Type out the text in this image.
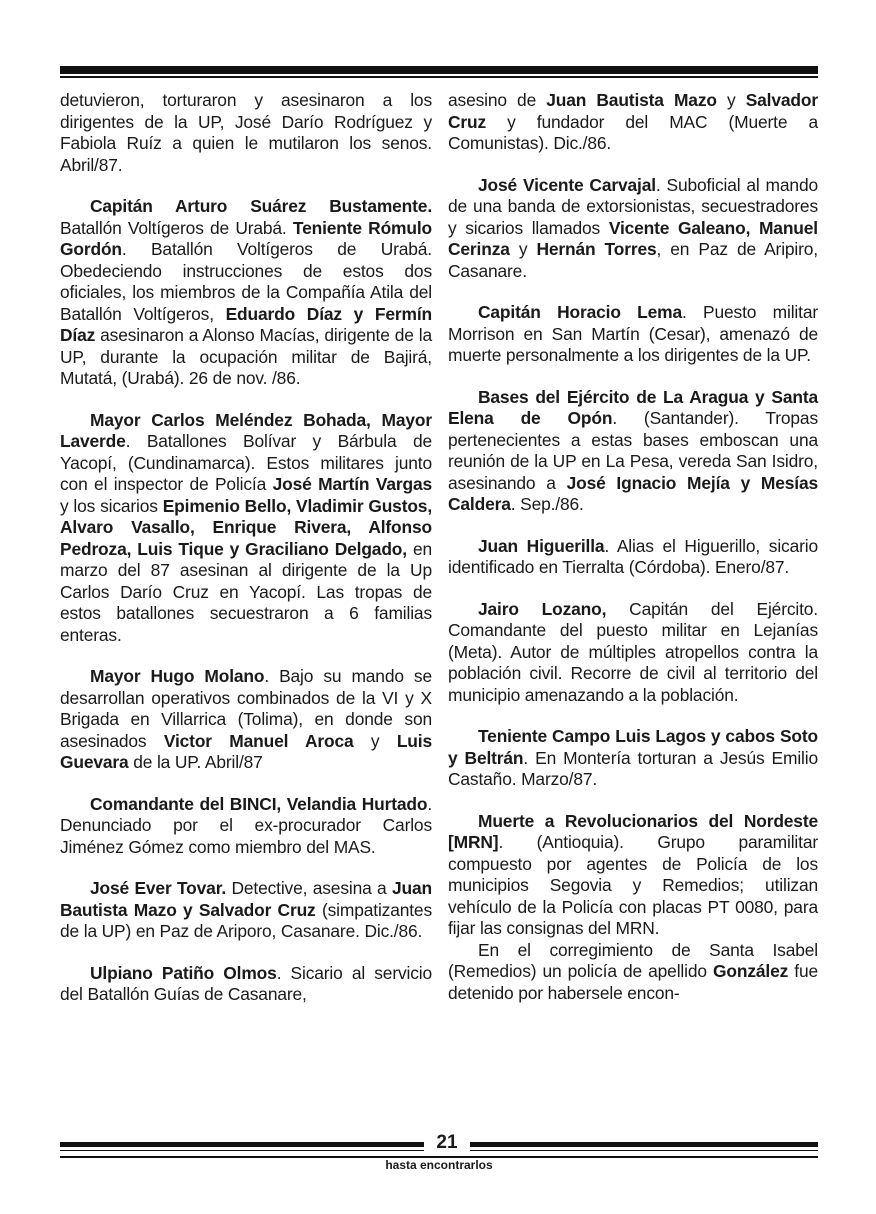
detuvieron, torturaron y asesinaron a los dirigentes de la UP, José Darío Rodríguez y Fabiola Ruíz a quien le mutilaron los senos. Abril/87.

Capitán Arturo Suárez Bustamente. Batallón Voltígeros de Urabá. Teniente Rómulo Gordón. Batallón Voltígeros de Urabá. Obedeciendo instrucciones de estos dos oficiales, los miembros de la Compañía Atila del Batallón Voltígeros, Eduardo Díaz y Fermín Díaz asesinaron a Alonso Macías, dirigente de la UP, durante la ocupación militar de Bajirá, Mutatá, (Urabá). 26 de nov. /86.

Mayor Carlos Meléndez Bohada, Mayor Laverde. Batallones Bolívar y Bárbula de Yacopí, (Cundinamarca). Estos militares junto con el inspector de Policía José Martín Vargas y los sicarios Epimenio Bello, Vladimir Gustos, Alvaro Vasallo, Enrique Rivera, Alfonso Pedroza, Luis Tique y Graciliano Delgado, en marzo del 87 asesinan al dirigente de la Up Carlos Darío Cruz en Yacopí. Las tropas de estos batallones secuestraron a 6 familias enteras.

Mayor Hugo Molano. Bajo su mando se desarrollan operativos combinados de la VI y X Brigada en Villarrica (Tolima), en donde son asesinados Victor Manuel Aroca y Luis Guevara de la UP. Abril/87

Comandante del BINCI, Velandia Hurtado. Denunciado por el ex-procurador Carlos Jiménez Gómez como miembro del MAS.

José Ever Tovar. Detective, asesina a Juan Bautista Mazo y Salvador Cruz (simpatizantes de la UP) en Paz de Ariporo, Casanare. Dic./86.

Ulpiano Patiño Olmos. Sicario al servicio del Batallón Guías de Casanare,

asesino de Juan Bautista Mazo y Salvador Cruz y fundador del MAC (Muerte a Comunistas). Dic./86.

José Vicente Carvajal. Suboficial al mando de una banda de extorsionistas, secuestradores y sicarios llamados Vicente Galeano, Manuel Cerinza y Hernán Torres, en Paz de Aripiro, Casanare.

Capitán Horacio Lema. Puesto militar Morrison en San Martín (Cesar), amenazó de muerte personalmente a los dirigentes de la UP.

Bases del Ejército de La Aragua y Santa Elena de Opón. (Santander). Tropas pertenecientes a estas bases emboscan una reunión de la UP en La Pesa, vereda San Isidro, asesinando a José Ignacio Mejía y Mesías Caldera. Sep./86.

Juan Higuerilla. Alias el Higuerillo, sicario identificado en Tierralta (Córdoba). Enero/87.

Jairo Lozano, Capitán del Ejército. Comandante del puesto militar en Lejanías (Meta). Autor de múltiples atropellos contra la población civil. Recorre de civil al territorio del municipio amenazando a la población.

Teniente Campo Luis Lagos y cabos Soto y Beltrán. En Montería torturan a Jesús Emilio Castaño. Marzo/87.

Muerte a Revolucionarios del Nordeste [MRN]. (Antioquia). Grupo paramilitar compuesto por agentes de Policía de los municipios Segovia y Remedios; utilizan vehículo de la Policía con placas PT 0080, para fijar las consignas del MRN.

En el corregimiento de Santa Isabel (Remedios) un policía de apellido González fue detenido por habersele encon-

21
hasta encontrarlos
